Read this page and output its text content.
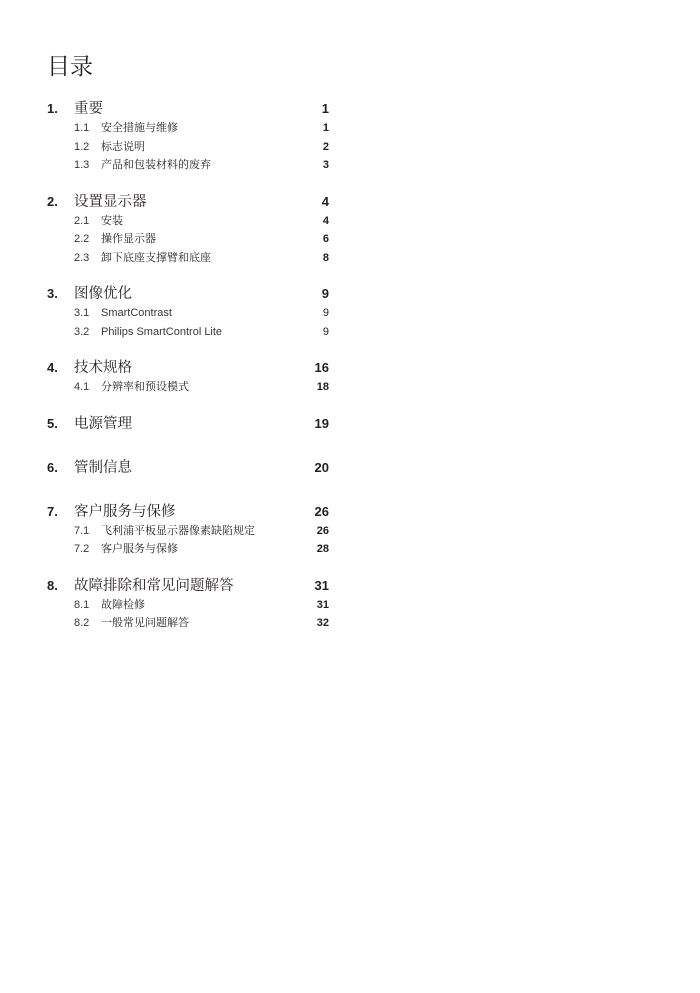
目录
1.	重要	1
1.1	安全措施与维修	1
1.2	标志说明	2
1.3	产品和包装材料的废弃	3
2.	设置显示器	4
2.1	安装	4
2.2	操作显示器	6
2.3	卸下底座支撑臂和底座	8
3.	图像优化	9
3.1	SmartContrast	9
3.2	Philips SmartControl Lite	9
4.	技术规格	16
4.1	分辨率和预设模式	18
5.	电源管理	19
6.	管制信息	20
7.	客户服务与保修	26
7.1	飞利浦平板显示器像素缺陷规定	26
7.2	客户服务与保修	28
8.	故障排除和常见问题解答	31
8.1	故障检修	31
8.2	一般常见问题解答	32
